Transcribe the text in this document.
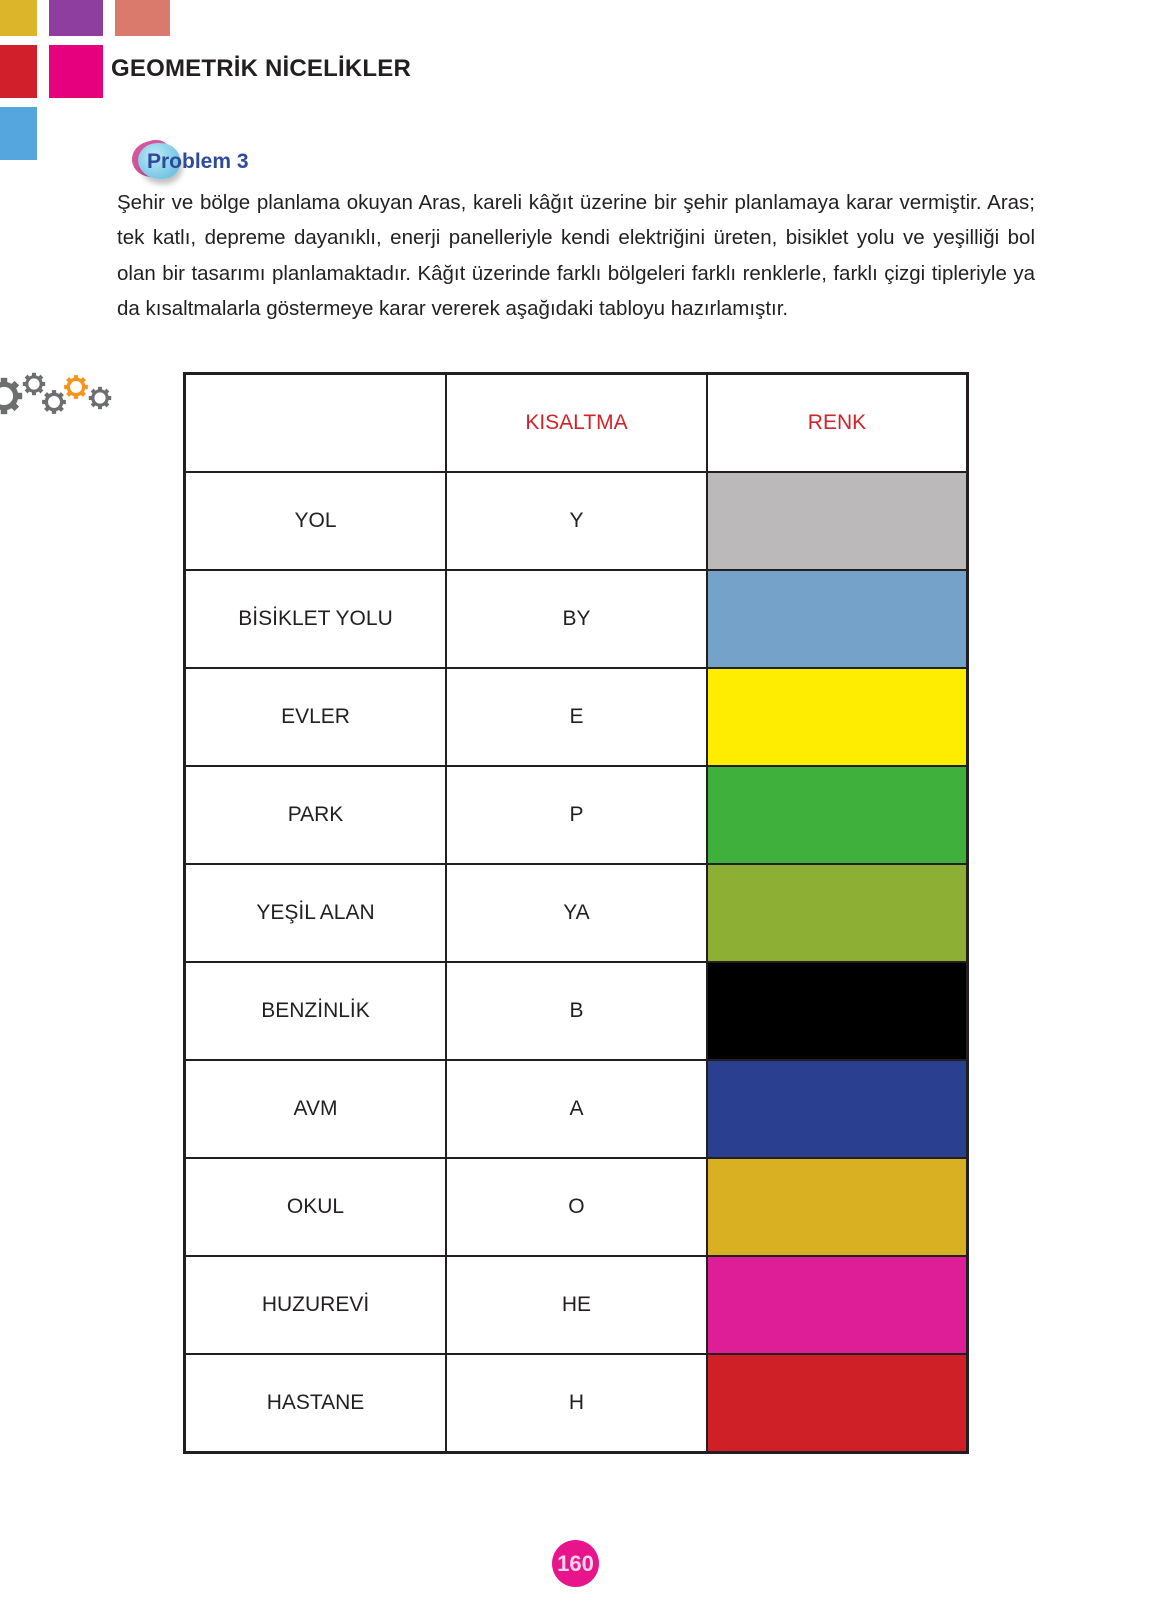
GEOMETRİK NİCELİKLER
Problem 3
Şehir ve bölge planlama okuyan Aras, kareli kâğıt üzerine bir şehir planlamaya karar vermiştir. Aras; tek katlı, depreme dayanıklı, enerji panelleriyle kendi elektriğini üreten, bisiklet yolu ve yeşilliği bol olan bir tasarımı planlamaktadır. Kâğıt üzerinde farklı bölgeleri farklı renklerle, farklı çizgi tipleriyle ya da kısaltmalarla göstermeye karar vererek aşağıdaki tabloyu hazırlamıştır.
	KISALTMA	RENK
YOL	Y	
BİSİKLET YOLU	BY	
EVLER	E	
PARK	P	
YEŞİL ALAN	YA	
BENZİNLİK	B	
AVM	A	
OKUL	O	
HUZUREVİ	HE	
HASTANE	H	
160
